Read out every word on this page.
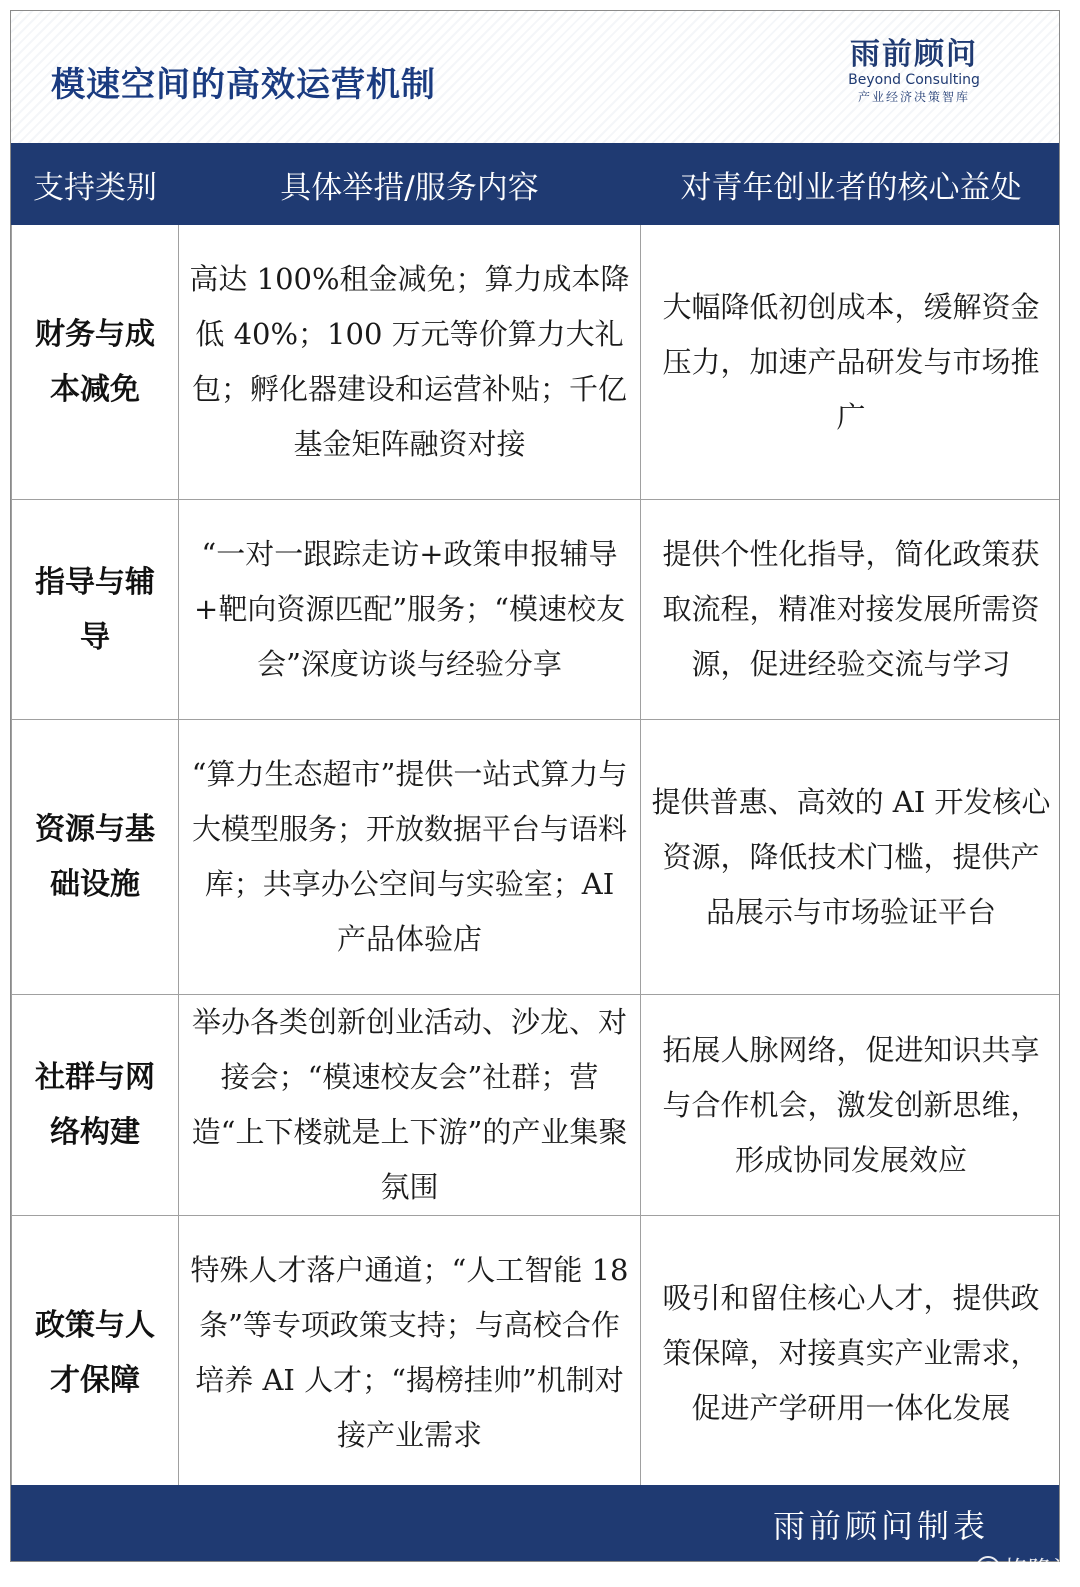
模速空间的高效运营机制
雨前顾问
Beyond Consulting
产业经济决策智库
支持类别	具体举措/服务内容	对青年创业者的核心益处
财务与成本减免	高达 100%租金减免；算力成本降低 40%；100 万元等价算力大礼包；孵化器建设和运营补贴；千亿基金矩阵融资对接	大幅降低初创成本，缓解资金压力，加速产品研发与市场推广
指导与辅导	“一对一跟踪走访+政策申报辅导+靶向资源匹配”服务；“模速校友会”深度访谈与经验分享	提供个性化指导，简化政策获取流程，精准对接发展所需资源，促进经验交流与学习
资源与基础设施	“算力生态超市”提供一站式算力与大模型服务；开放数据平台与语料库；共享办公空间与实验室；AI 产品体验店	提供普惠、高效的 AI 开发核心资源，降低技术门槛，提供产品展示与市场验证平台
社群与网络构建	举办各类创新创业活动、沙龙、对接会；“模速校友会”社群；营造“上下楼就是上下游”的产业集聚氛围	拓展人脉网络，促进知识共享与合作机会，激发创新思维，形成协同发展效应
政策与人才保障	特殊人才落户通道；“人工智能 18 条”等专项政策支持；与高校合作培养 AI 人才；“揭榜挂帅”机制对接产业需求	吸引和留住核心人才，提供政策保障，对接真实产业需求，促进产学研用一体化发展
雨前顾问制表
G 格隆汇
